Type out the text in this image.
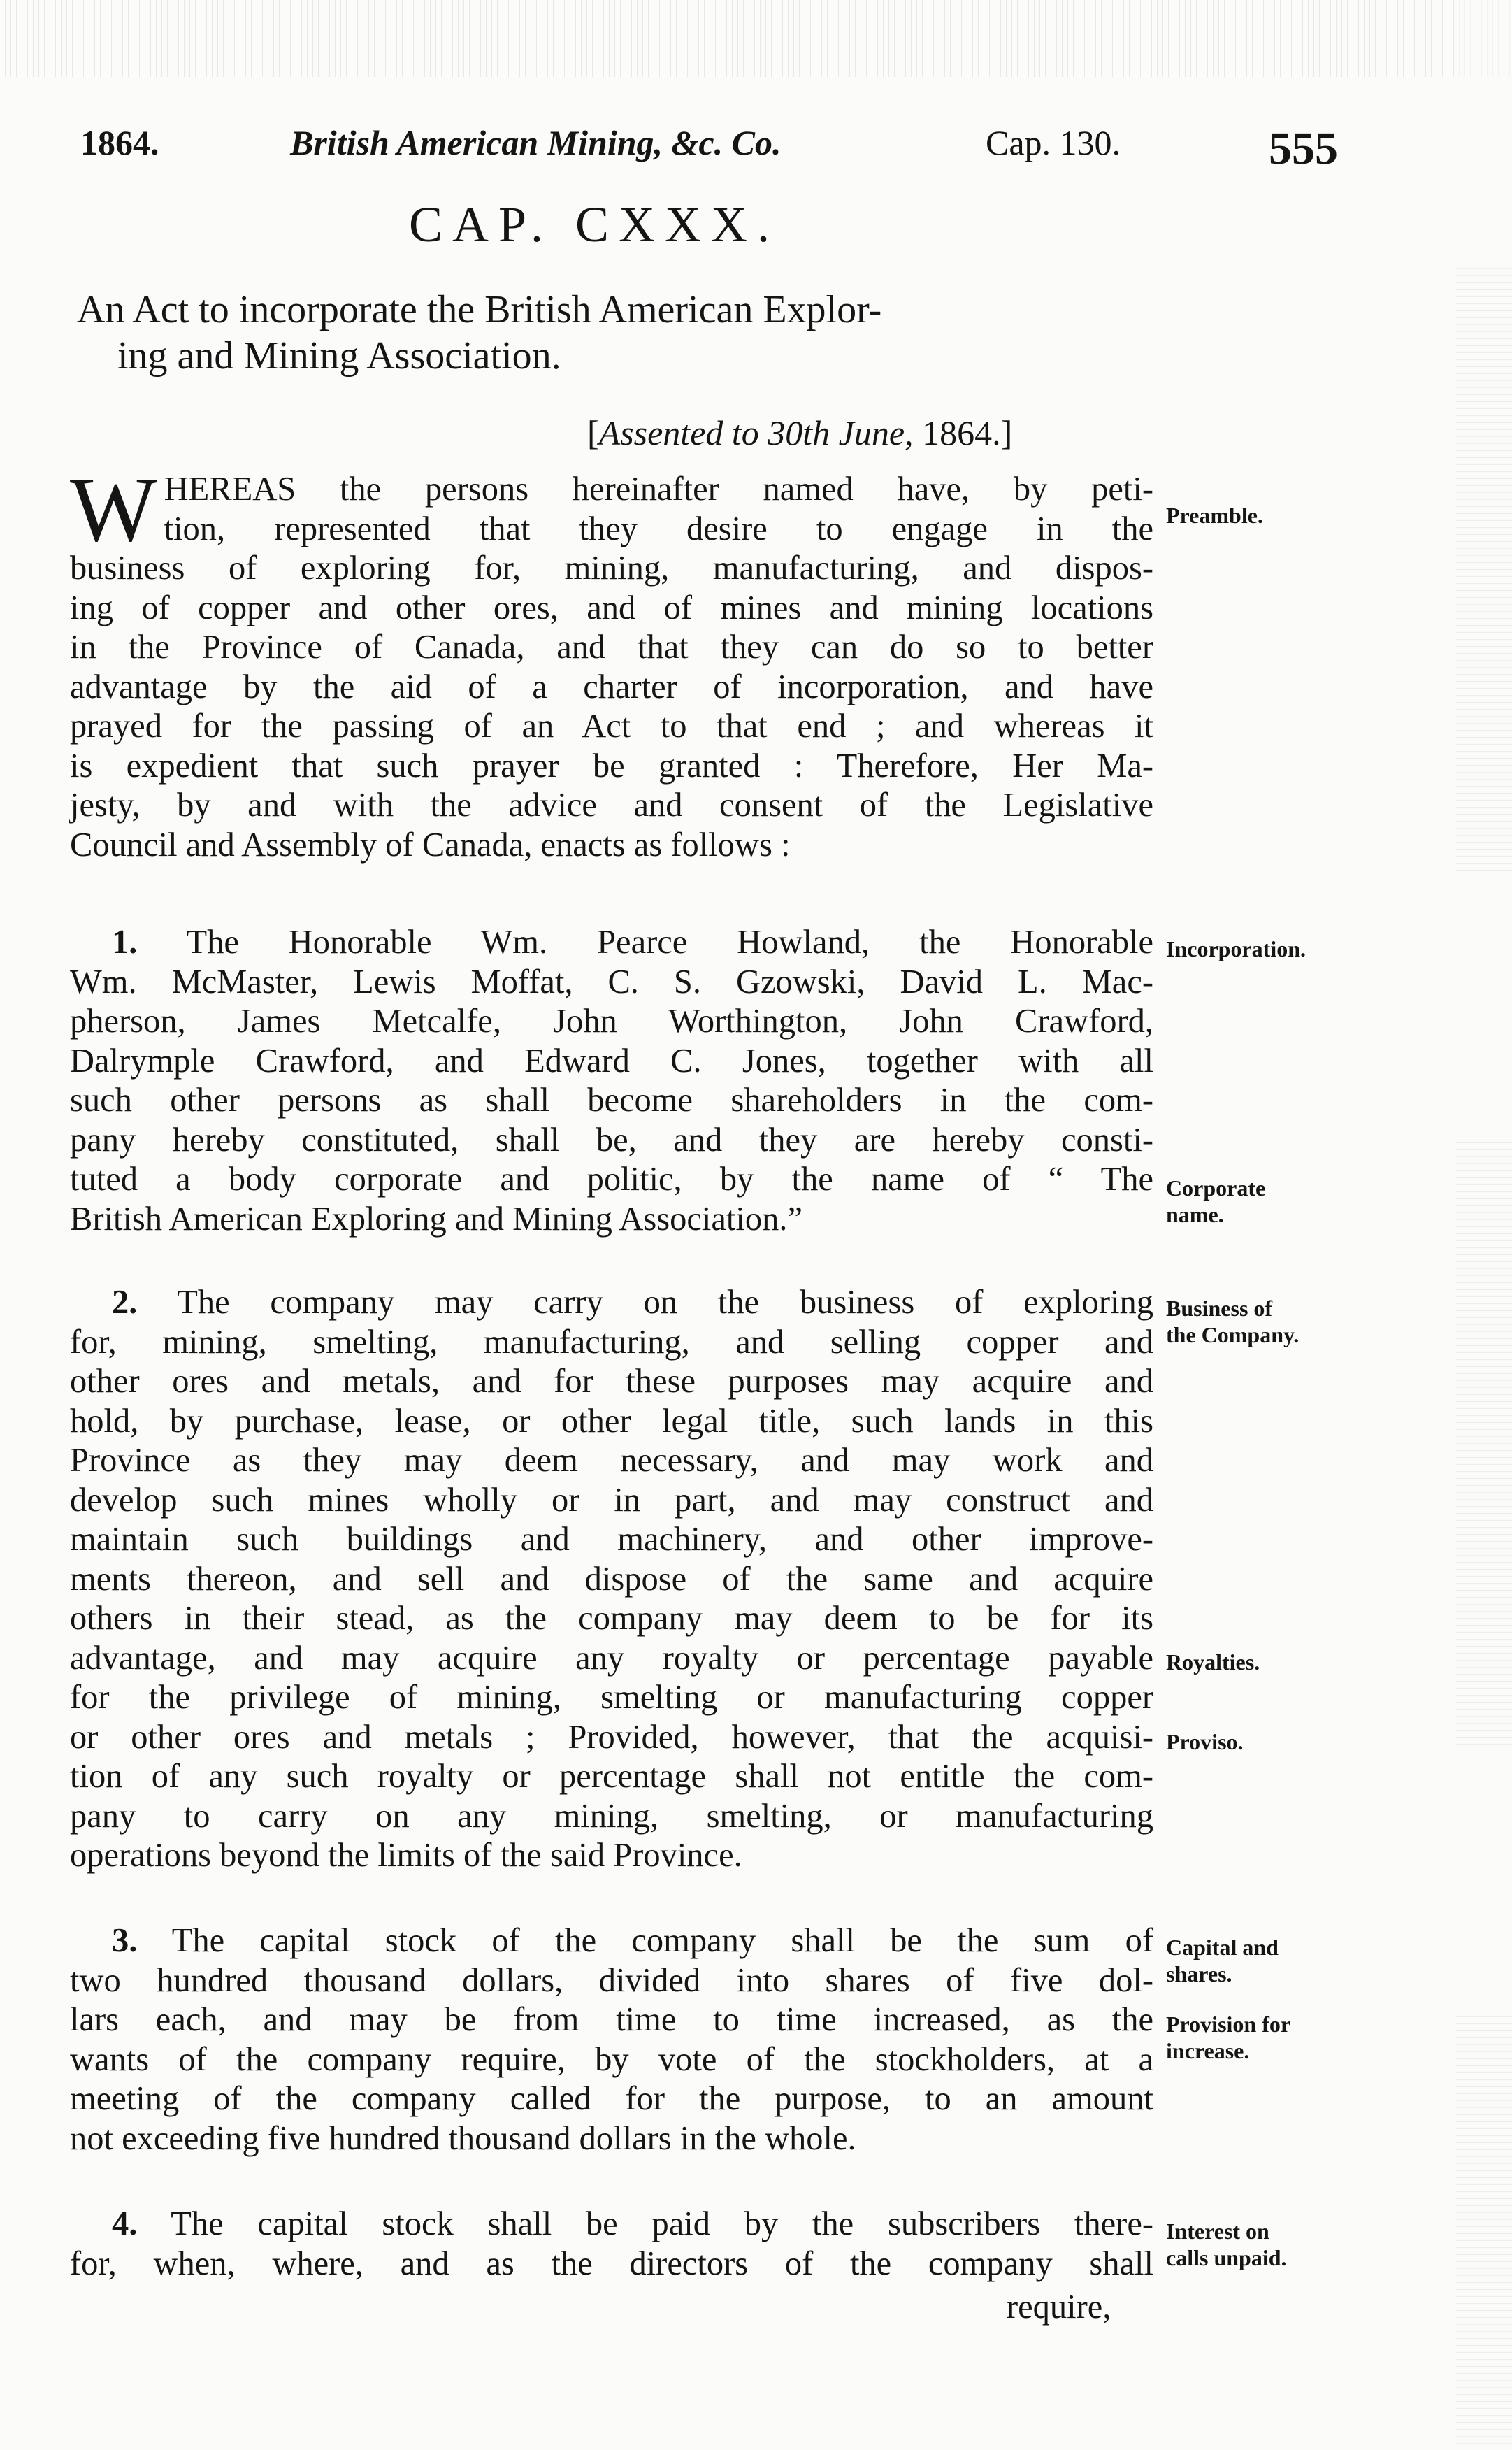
1864.	British American Mining, &c. Co.	Cap. 130.	555
CAP. CXXX.
An Act to incorporate the British American Explor-
ing and Mining Association.
[Assented to 30th June, 1864.]
W HEREAS the persons hereinafter named have, by peti-
tion, represented that they desire to engage in the
business of exploring for, mining, manufacturing, and dispos-
ing of copper and other ores, and of mines and mining locations
in the Province of Canada, and that they can do so to better
advantage by the aid of a charter of incorporation, and have
prayed for the passing of an Act to that end ; and whereas it
is expedient that such prayer be granted : Therefore, Her Ma-
jesty, by and with the advice and consent of the Legislative
Council and Assembly of Canada, enacts as follows :
1. The Honorable Wm. Pearce Howland, the Honorable
Wm. McMaster, Lewis Moffat, C. S. Gzowski, David L. Mac-
pherson, James Metcalfe, John Worthington, John Crawford,
Dalrymple Crawford, and Edward C. Jones, together with all
such other persons as shall become shareholders in the com-
pany hereby constituted, shall be, and they are hereby consti-
tuted a body corporate and politic, by the name of “ The
British American Exploring and Mining Association.”
2. The company may carry on the business of exploring
for, mining, smelting, manufacturing, and selling copper and
other ores and metals, and for these purposes may acquire and
hold, by purchase, lease, or other legal title, such lands in this
Province as they may deem necessary, and may work and
develop such mines wholly or in part, and may construct and
maintain such buildings and machinery, and other improve-
ments thereon, and sell and dispose of the same and acquire
others in their stead, as the company may deem to be for its
advantage, and may acquire any royalty or percentage payable
for the privilege of mining, smelting or manufacturing copper
or other ores and metals ; Provided, however, that the acquisi-
tion of any such royalty or percentage shall not entitle the com-
pany to carry on any mining, smelting, or manufacturing
operations beyond the limits of the said Province.
3. The capital stock of the company shall be the sum of
two hundred thousand dollars, divided into shares of five dol-
lars each, and may be from time to time increased, as the
wants of the company require, by vote of the stockholders, at a
meeting of the company called for the purpose, to an amount
not exceeding five hundred thousand dollars in the whole.
4. The capital stock shall be paid by the subscribers there-
for, when, where, and as the directors of the company shall
require,
Preamble.
Incorporation.
Corporate
name.
Business of
the Company.
Royalties.
Proviso.
Capital and
shares.
Provision for
increase.
Interest on
calls unpaid.
